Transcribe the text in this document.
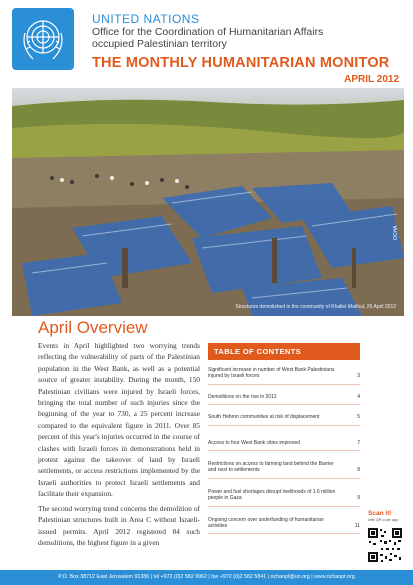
UNITED NATIONS
Office for the Coordination of Humanitarian Affairs
occupied Palestinian territory
THE MONTHLY HUMANITARIAN MONITOR
APRIL 2012
Structures demolished in the community of Khallet Makhul, 26 April 2012
OCHA
April Overview

Events in April highlighted two worrying trends reflecting the vulnerability of parts of the Palestinian population in the West Bank, as well as a potential source of greater instability. During the month, 150 Palestinian civilians were injured by Israeli forces, bringing the total number of such injuries since the beginning of the year to 730, a 25 percent increase compared to the equivalent figure in 2011. Over 85 percent of this year's injuries occurred in the course of clashes with Israeli forces in demonstrations held in protest against the takeover of land by Israeli settlements, or access restrictions implemented by the Israeli authorities to protect Israeli settlements and facilitate their expansion.

The second worrying trend concerns the demolition of Palestinian structures built in Area C without Israeli-issued permits. April 2012 registered 84 such demolitions, the highest figure in a given

TABLE OF CONTENTS
Significant increase in number of West Bank Palestinians injured by Israeli forces	3
Demolitions on the rise in 2012	4
South Hebron communities at risk of displacement	5
Access to four West Bank cities improved	7
Restrictions on access to farming land behind the Barrier and next to settlements	8
Power and fuel shortages disrupt livelihoods of 1.6 million people in Gaza	9
Ongoing concern over underfunding of humanitarian activities	11
Scan it!
with QR code app
P.O. Box 38712 East Jerusalem 91386 | tel +972 (0)2 582 9962 | fax +972 (0)2 582 5841 | ochaopt@un.org | www.ochaopt.org
